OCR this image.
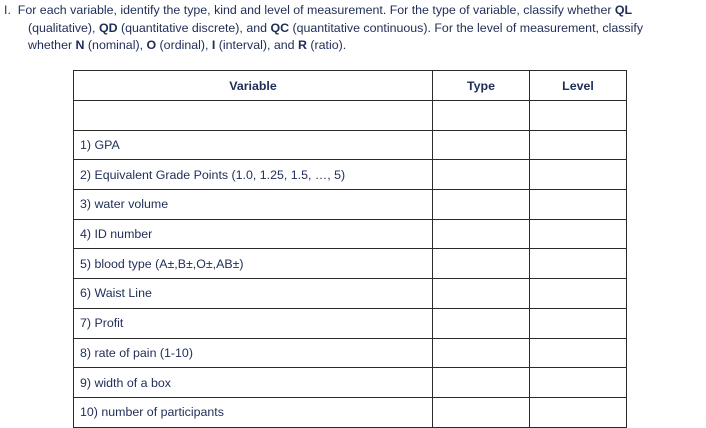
I. For each variable, identify the type, kind and level of measurement. For the type of variable, classify whether QL
(qualitative), QD (quantitative discrete), and QC (quantitative continuous). For the level of measurement, classify
whether N (nominal), O (ordinal), I (interval), and R (ratio).
Variable	Type	Level

1) GPA		
2) Equivalent Grade Points (1.0, 1.25, 1.5, …, 5)		
3) water volume		
4) ID number		
5) blood type (A±,B±,O±,AB±)		
6) Waist Line		
7) Profit		
8) rate of pain (1-10)		
9) width of a box		
10) number of participants		
